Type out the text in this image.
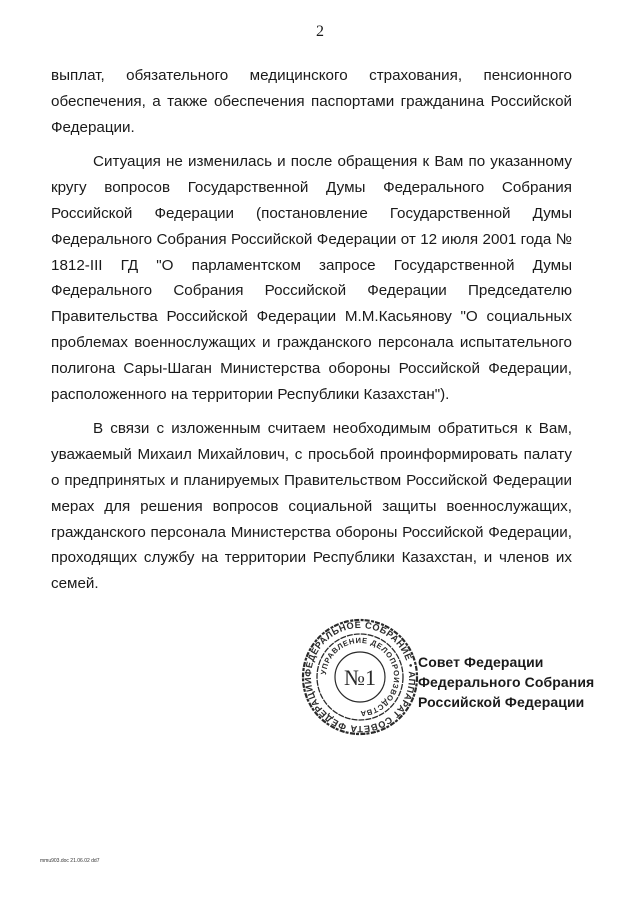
2

выплат, обязательного медицинского страхования, пенсионного обеспечения, а также обеспечения паспортами гражданина Российской Федерации.

Ситуация не изменилась и после обращения к Вам по указанному кругу вопросов Государственной Думы Федерального Собрания Российской Федерации (постановление Государственной Думы Федерального Собрания Российской Федерации от 12 июля 2001 года № 1812-III ГД "О парламентском запросе Государственной Думы Федерального Собрания Российской Федерации Председателю Правительства Российской Федерации М.М.Касьянову "О социальных проблемах военнослужащих и гражданского персонала испытательного полигона Сары-Шаган Министерства обороны Российской Федерации, расположенного на территории Республики Казахстан").

В связи с изложенным считаем необходимым обратиться к Вам, уважаемый Михаил Михайлович, с просьбой проинформировать палату о предпринятых и планируемых Правительством Российской Федерации мерах для решения вопросов социальной защиты военнослужащих, гражданского персонала Министерства обороны Российской Федерации, проходящих службу на территории Республики Казахстан, и членов их семей.

Совет Федерации
Федерального Собрания
Российской Федерации
ФЕДЕРАЛЬНОЕ СОБРАНИЕ • АППАРАТ СОВЕТА ФЕДЕРАЦИИ
УПРАВЛЕНИЕ ДЕЛОПРОИЗВОДСТВА
№1
mmu903.doc 21.06.02 dd7
